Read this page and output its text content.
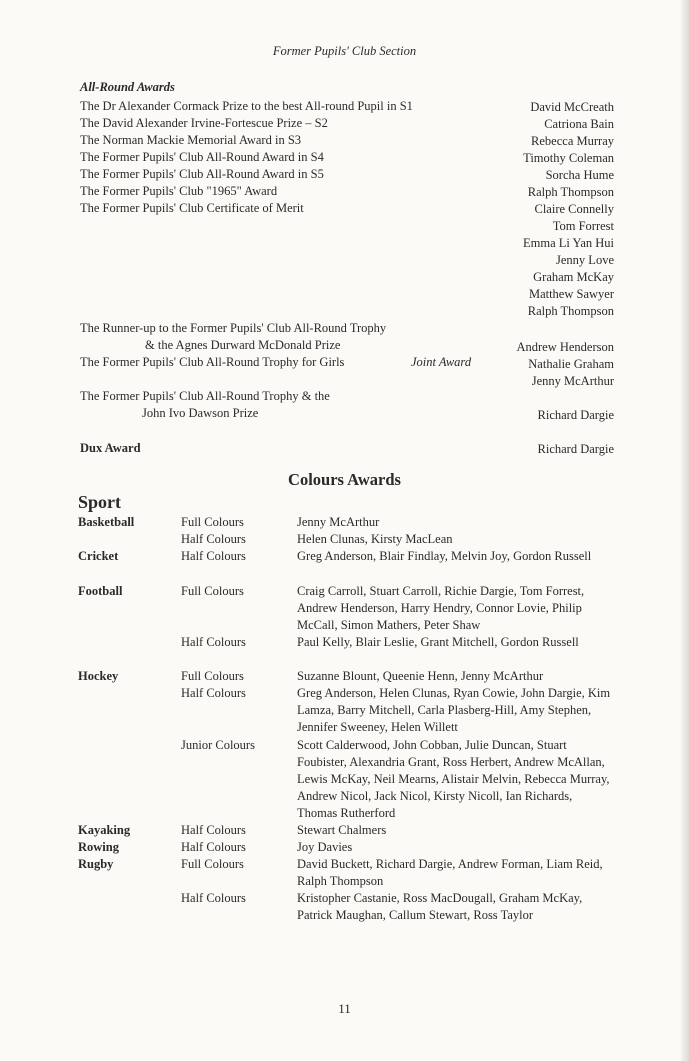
Former Pupils' Club Section
All-Round Awards
The Dr Alexander Cormack Prize to the best All-round Pupil in S1	David McCreath
The David Alexander Irvine-Fortescue Prize – S2	Catriona Bain
The Norman Mackie Memorial Award in S3	Rebecca Murray
The Former Pupils' Club All-Round Award in S4	Timothy Coleman
The Former Pupils' Club All-Round Award in S5	Sorcha Hume
The Former Pupils' Club "1965" Award	Ralph Thompson
The Former Pupils' Club Certificate of Merit	Claire Connelly
Tom Forrest
Emma Li Yan Hui
Jenny Love
Graham McKay
Matthew Sawyer
Ralph Thompson
The Runner-up to the Former Pupils' Club All-Round Trophy
& the Agnes Durward McDonald Prize	Andrew Henderson
The Former Pupils' Club All-Round Trophy for Girls	Joint Award	Nathalie Graham
Jenny McArthur
The Former Pupils' Club All-Round Trophy & the
John Ivo Dawson Prize	Richard Dargie
Dux Award	Richard Dargie
Colours Awards
Sport
Basketball	Full Colours	Jenny McArthur
Half Colours	Helen Clunas, Kirsty MacLean
Cricket	Half Colours	Greg Anderson, Blair Findlay, Melvin Joy, Gordon Russell
Football	Full Colours	Craig Carroll, Stuart Carroll, Richie Dargie, Tom Forrest, Andrew Henderson, Harry Hendry, Connor Lovie, Philip McCall, Simon Mathers, Peter Shaw
Half Colours	Paul Kelly, Blair Leslie, Grant Mitchell, Gordon Russell
Hockey	Full Colours	Suzanne Blount, Queenie Henn, Jenny McArthur
Half Colours	Greg Anderson, Helen Clunas, Ryan Cowie, John Dargie, Kim Lamza, Barry Mitchell, Carla Plasberg-Hill, Amy Stephen, Jennifer Sweeney, Helen Willett
Junior Colours	Scott Calderwood, John Cobban, Julie Duncan, Stuart Foubister, Alexandria Grant, Ross Herbert, Andrew McAllan, Lewis McKay, Neil Mearns, Alistair Melvin, Rebecca Murray, Andrew Nicol, Jack Nicol, Kirsty Nicoll, Ian Richards, Thomas Rutherford
Kayaking	Half Colours	Stewart Chalmers
Rowing	Half Colours	Joy Davies
Rugby	Full Colours	David Buckett, Richard Dargie, Andrew Forman, Liam Reid, Ralph Thompson
Half Colours	Kristopher Castanie, Ross MacDougall, Graham McKay, Patrick Maughan, Callum Stewart, Ross Taylor
11
